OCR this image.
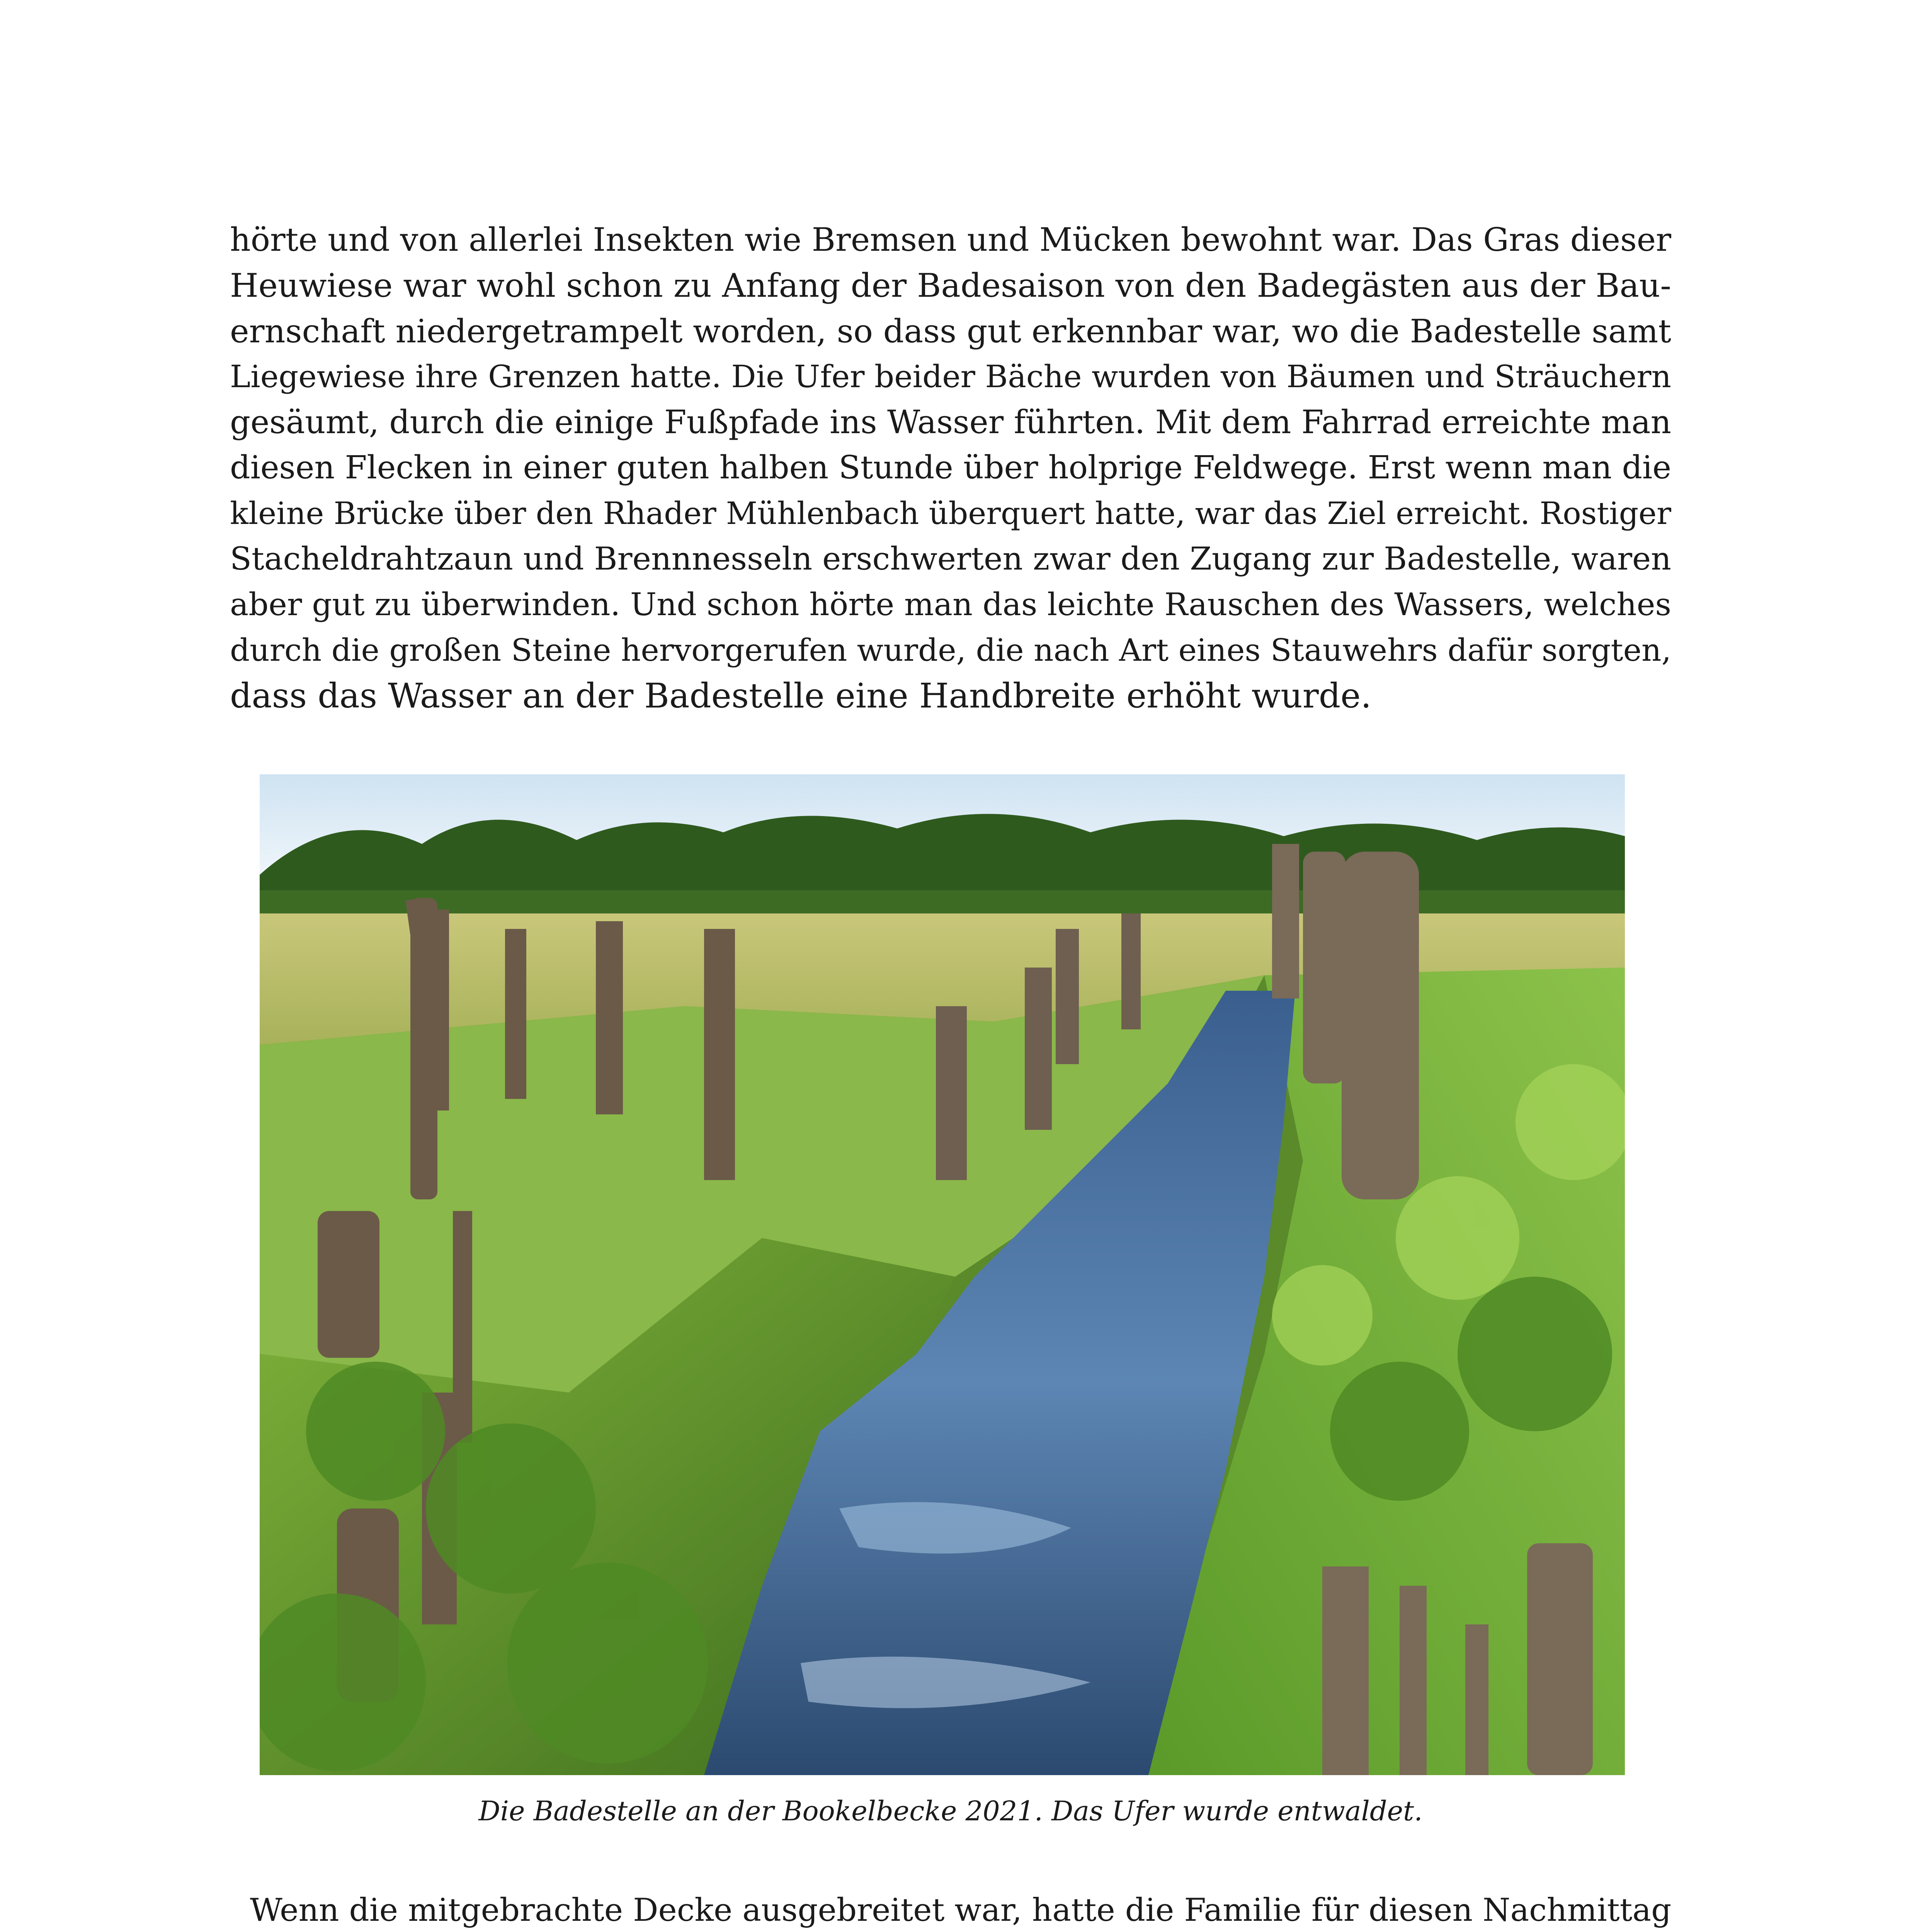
hörte und von allerlei Insekten wie Bremsen und Mücken bewohnt war. Das Gras dieser
Heuwiese war wohl schon zu Anfang der Badesaison von den Badegästen aus der Bau-
ernschaft niedergetrampelt worden, so dass gut erkennbar war, wo die Badestelle samt
Liegewiese ihre Grenzen hatte. Die Ufer beider Bäche wurden von Bäumen und Sträuchern
gesäumt, durch die einige Fußpfade ins Wasser führten. Mit dem Fahrrad erreichte man
diesen Flecken in einer guten halben Stunde über holprige Feldwege. Erst wenn man die
kleine Brücke über den Rhader Mühlenbach überquert hatte, war das Ziel erreicht. Rostiger
Stacheldrahtzaun und Brennnesseln erschwerten zwar den Zugang zur Badestelle, waren
aber gut zu überwinden. Und schon hörte man das leichte Rauschen des Wassers, welches
durch die großen Steine hervorgerufen wurde, die nach Art eines Stauwehrs dafür sorgten,
dass das Wasser an der Badestelle eine Handbreite erhöht wurde.
Die Badestelle an der Bookelbecke 2021. Das Ufer wurde entwaldet.
Wenn die mitgebrachte Decke ausgebreitet war, hatte die Familie für diesen Nachmittag
